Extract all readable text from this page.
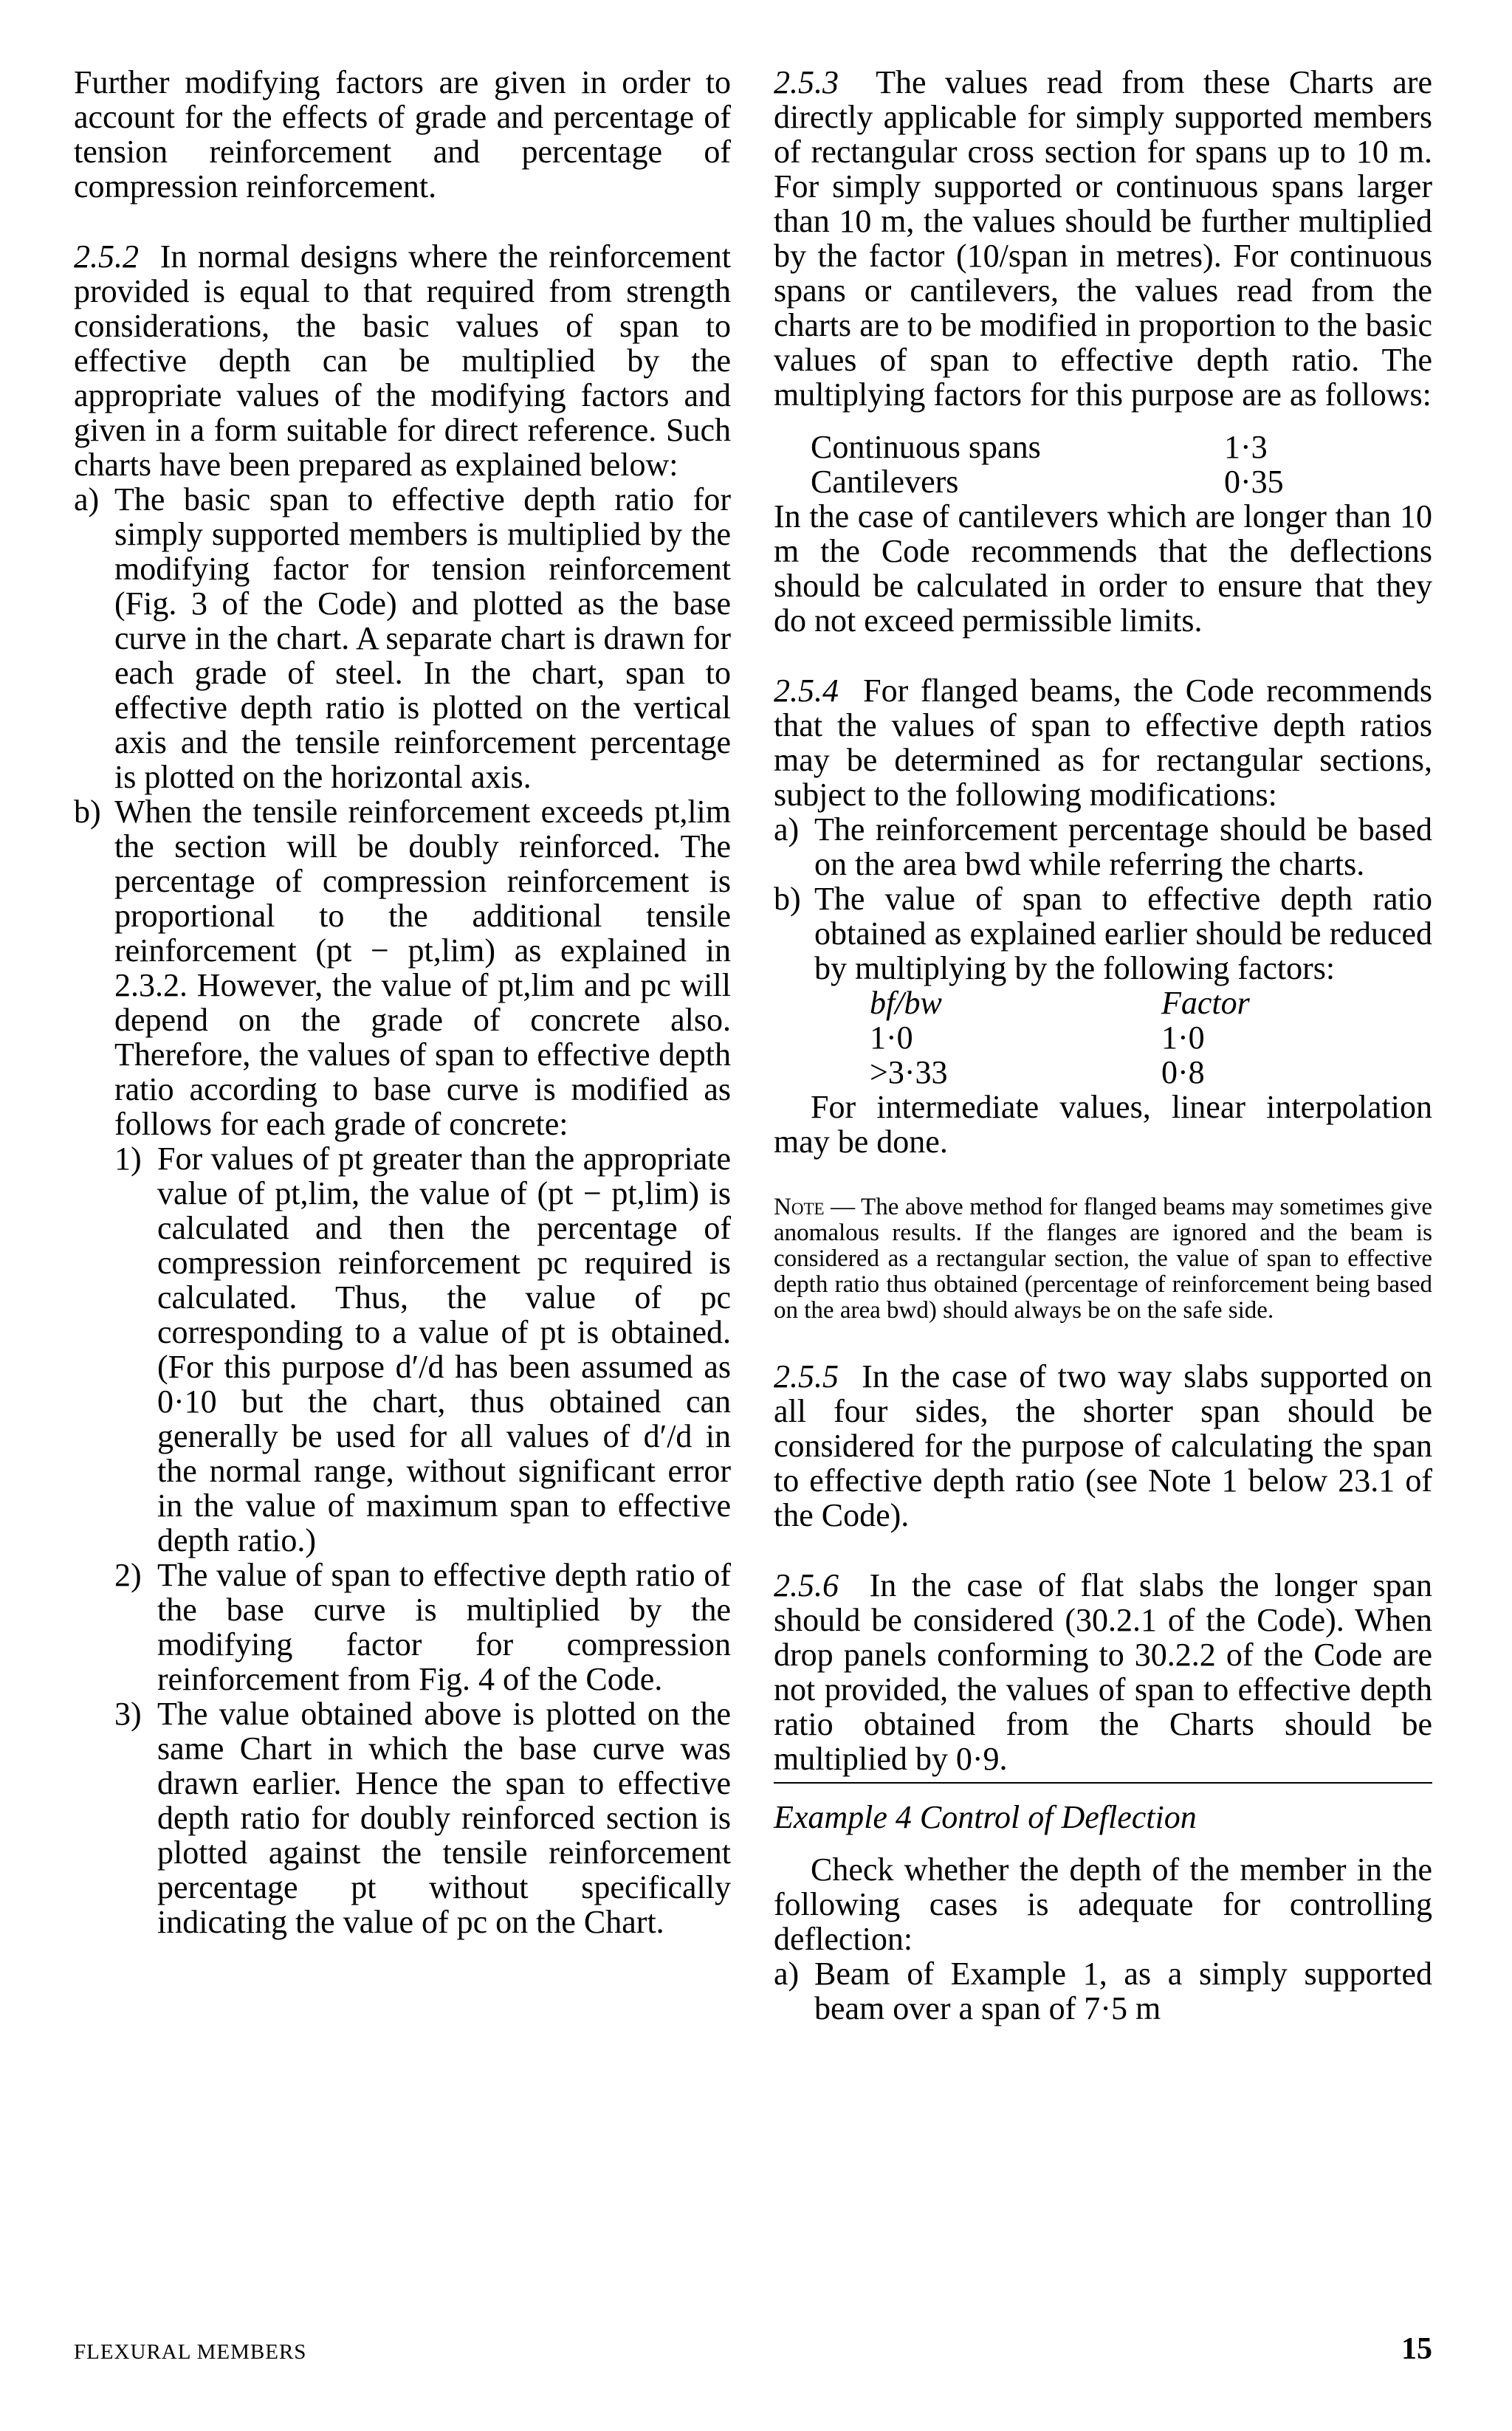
Further modifying factors are given in order to account for the effects of grade and percentage of tension reinforcement and percentage of compression reinforcement.

2.5.2 In normal designs where the reinforcement provided is equal to that required from strength considerations, the basic values of span to effective depth can be multiplied by the appropriate values of the modifying factors and given in a form suitable for direct reference. Such charts have been prepared as explained below:

a) The basic span to effective depth ratio for simply supported members is multiplied by the modifying factor for tension reinforcement (Fig. 3 of the Code) and plotted as the base curve in the chart. A separate chart is drawn for each grade of steel. In the chart, span to effective depth ratio is plotted on the vertical axis and the tensile reinforcement percentage is plotted on the horizontal axis.
b) When the tensile reinforcement exceeds pt,lim the section will be doubly reinforced. The percentage of compression reinforcement is proportional to the additional tensile reinforcement (pt − pt,lim) as explained in 2.3.2. However, the value of pt,lim and pc will depend on the grade of concrete also. Therefore, the values of span to effective depth ratio according to base curve is modified as follows for each grade of concrete:
1) For values of pt greater than the appropriate value of pt,lim, the value of (pt − pt,lim) is calculated and then the percentage of compression reinforcement pc required is calculated. Thus, the value of pc corresponding to a value of pt is obtained. (For this purpose d′/d has been assumed as 0·10 but the chart, thus obtained can generally be used for all values of d′/d in the normal range, without significant error in the value of maximum span to effective depth ratio.)
2) The value of span to effective depth ratio of the base curve is multiplied by the modifying factor for compression reinforcement from Fig. 4 of the Code.
3) The value obtained above is plotted on the same Chart in which the base curve was drawn earlier. Hence the span to effective depth ratio for doubly reinforced section is plotted against the tensile reinforcement percentage pt without specifically indicating the value of pc on the Chart.

2.5.3 The values read from these Charts are directly applicable for simply supported members of rectangular cross section for spans up to 10 m. For simply supported or continuous spans larger than 10 m, the values should be further multiplied by the factor (10/span in metres). For continuous spans or cantilevers, the values read from the charts are to be modified in proportion to the basic values of span to effective depth ratio. The multiplying factors for this purpose are as follows:

Continuous spans	1·3
Cantilevers	0·35

In the case of cantilevers which are longer than 10 m the Code recommends that the deflections should be calculated in order to ensure that they do not exceed permissible limits.

2.5.4 For flanged beams, the Code recommends that the values of span to effective depth ratios may be determined as for rectangular sections, subject to the following modifications:

a) The reinforcement percentage should be based on the area bwd while referring the charts.
b) The value of span to effective depth ratio obtained as explained earlier should be reduced by multiplying by the following factors:
bf/bw	Factor
1·0	1·0
>3·33	0·8

For intermediate values, linear interpolation may be done.

Note — The above method for flanged beams may sometimes give anomalous results. If the flanges are ignored and the beam is considered as a rectangular section, the value of span to effective depth ratio thus obtained (percentage of reinforcement being based on the area bwd) should always be on the safe side.

2.5.5 In the case of two way slabs supported on all four sides, the shorter span should be considered for the purpose of calculating the span to effective depth ratio (see Note 1 below 23.1 of the Code).

2.5.6 In the case of flat slabs the longer span should be considered (30.2.1 of the Code). When drop panels conforming to 30.2.2 of the Code are not provided, the values of span to effective depth ratio obtained from the Charts should be multiplied by 0·9.

Example 4 Control of Deflection

Check whether the depth of the member in the following cases is adequate for controlling deflection:

a) Beam of Example 1, as a simply supported beam over a span of 7·5 m
FLEXURAL MEMBERS	15
